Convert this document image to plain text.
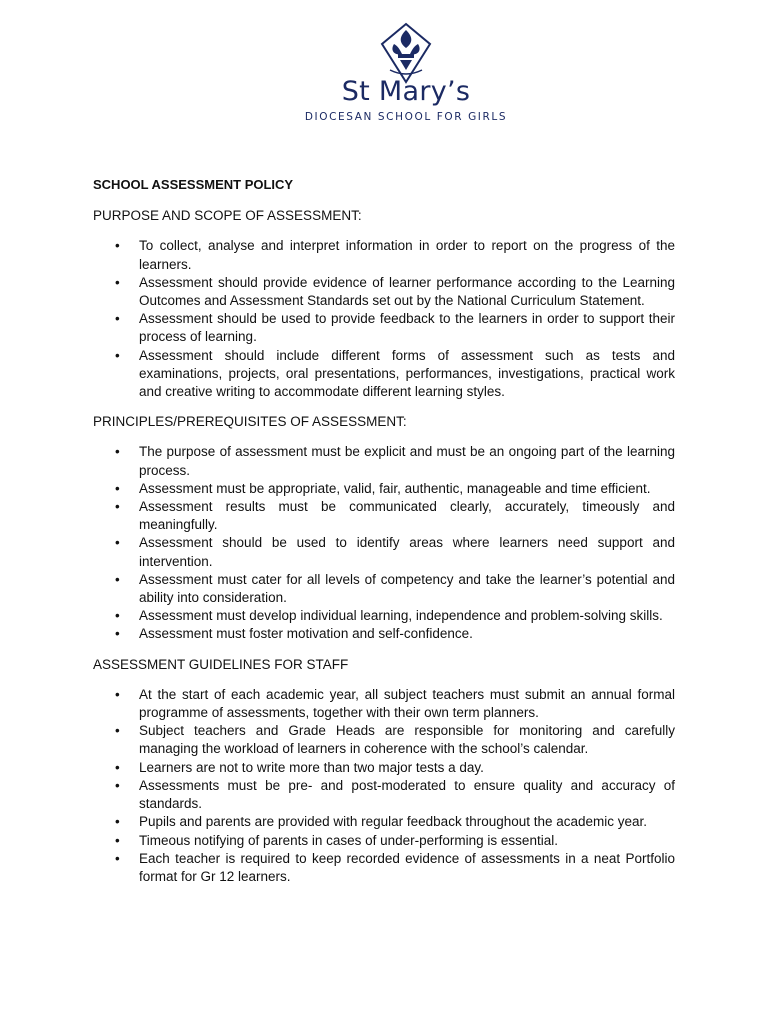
St Mary’s
DIOCESAN SCHOOL FOR GIRLS
SCHOOL ASSESSMENT POLICY
PURPOSE AND SCOPE OF ASSESSMENT:
• To collect, analyse and interpret information in order to report on the progress of the learners.
• Assessment should provide evidence of learner performance according to the Learning Outcomes and Assessment Standards set out by the National Curriculum Statement.
• Assessment should be used to provide feedback to the learners in order to support their process of learning.
• Assessment should include different forms of assessment such as tests and examinations, projects, oral presentations, performances, investigations, practical work and creative writing to accommodate different learning styles.
PRINCIPLES/PREREQUISITES OF ASSESSMENT:
• The purpose of assessment must be explicit and must be an ongoing part of the learning process.
• Assessment must be appropriate, valid, fair, authentic, manageable and time efficient.
• Assessment results must be communicated clearly, accurately, timeously and meaningfully.
• Assessment should be used to identify areas where learners need support and intervention.
• Assessment must cater for all levels of competency and take the learner’s potential and ability into consideration.
• Assessment must develop individual learning, independence and problem-solving skills.
• Assessment must foster motivation and self-confidence.
ASSESSMENT GUIDELINES FOR STAFF
• At the start of each academic year, all subject teachers must submit an annual formal programme of assessments, together with their own term planners.
• Subject teachers and Grade Heads are responsible for monitoring and carefully managing the workload of learners in coherence with the school’s calendar.
• Learners are not to write more than two major tests a day.
• Assessments must be pre- and post-moderated to ensure quality and accuracy of standards.
• Pupils and parents are provided with regular feedback throughout the academic year.
• Timeous notifying of parents in cases of under-performing is essential.
• Each teacher is required to keep recorded evidence of assessments in a neat Portfolio format for Gr 12 learners.
